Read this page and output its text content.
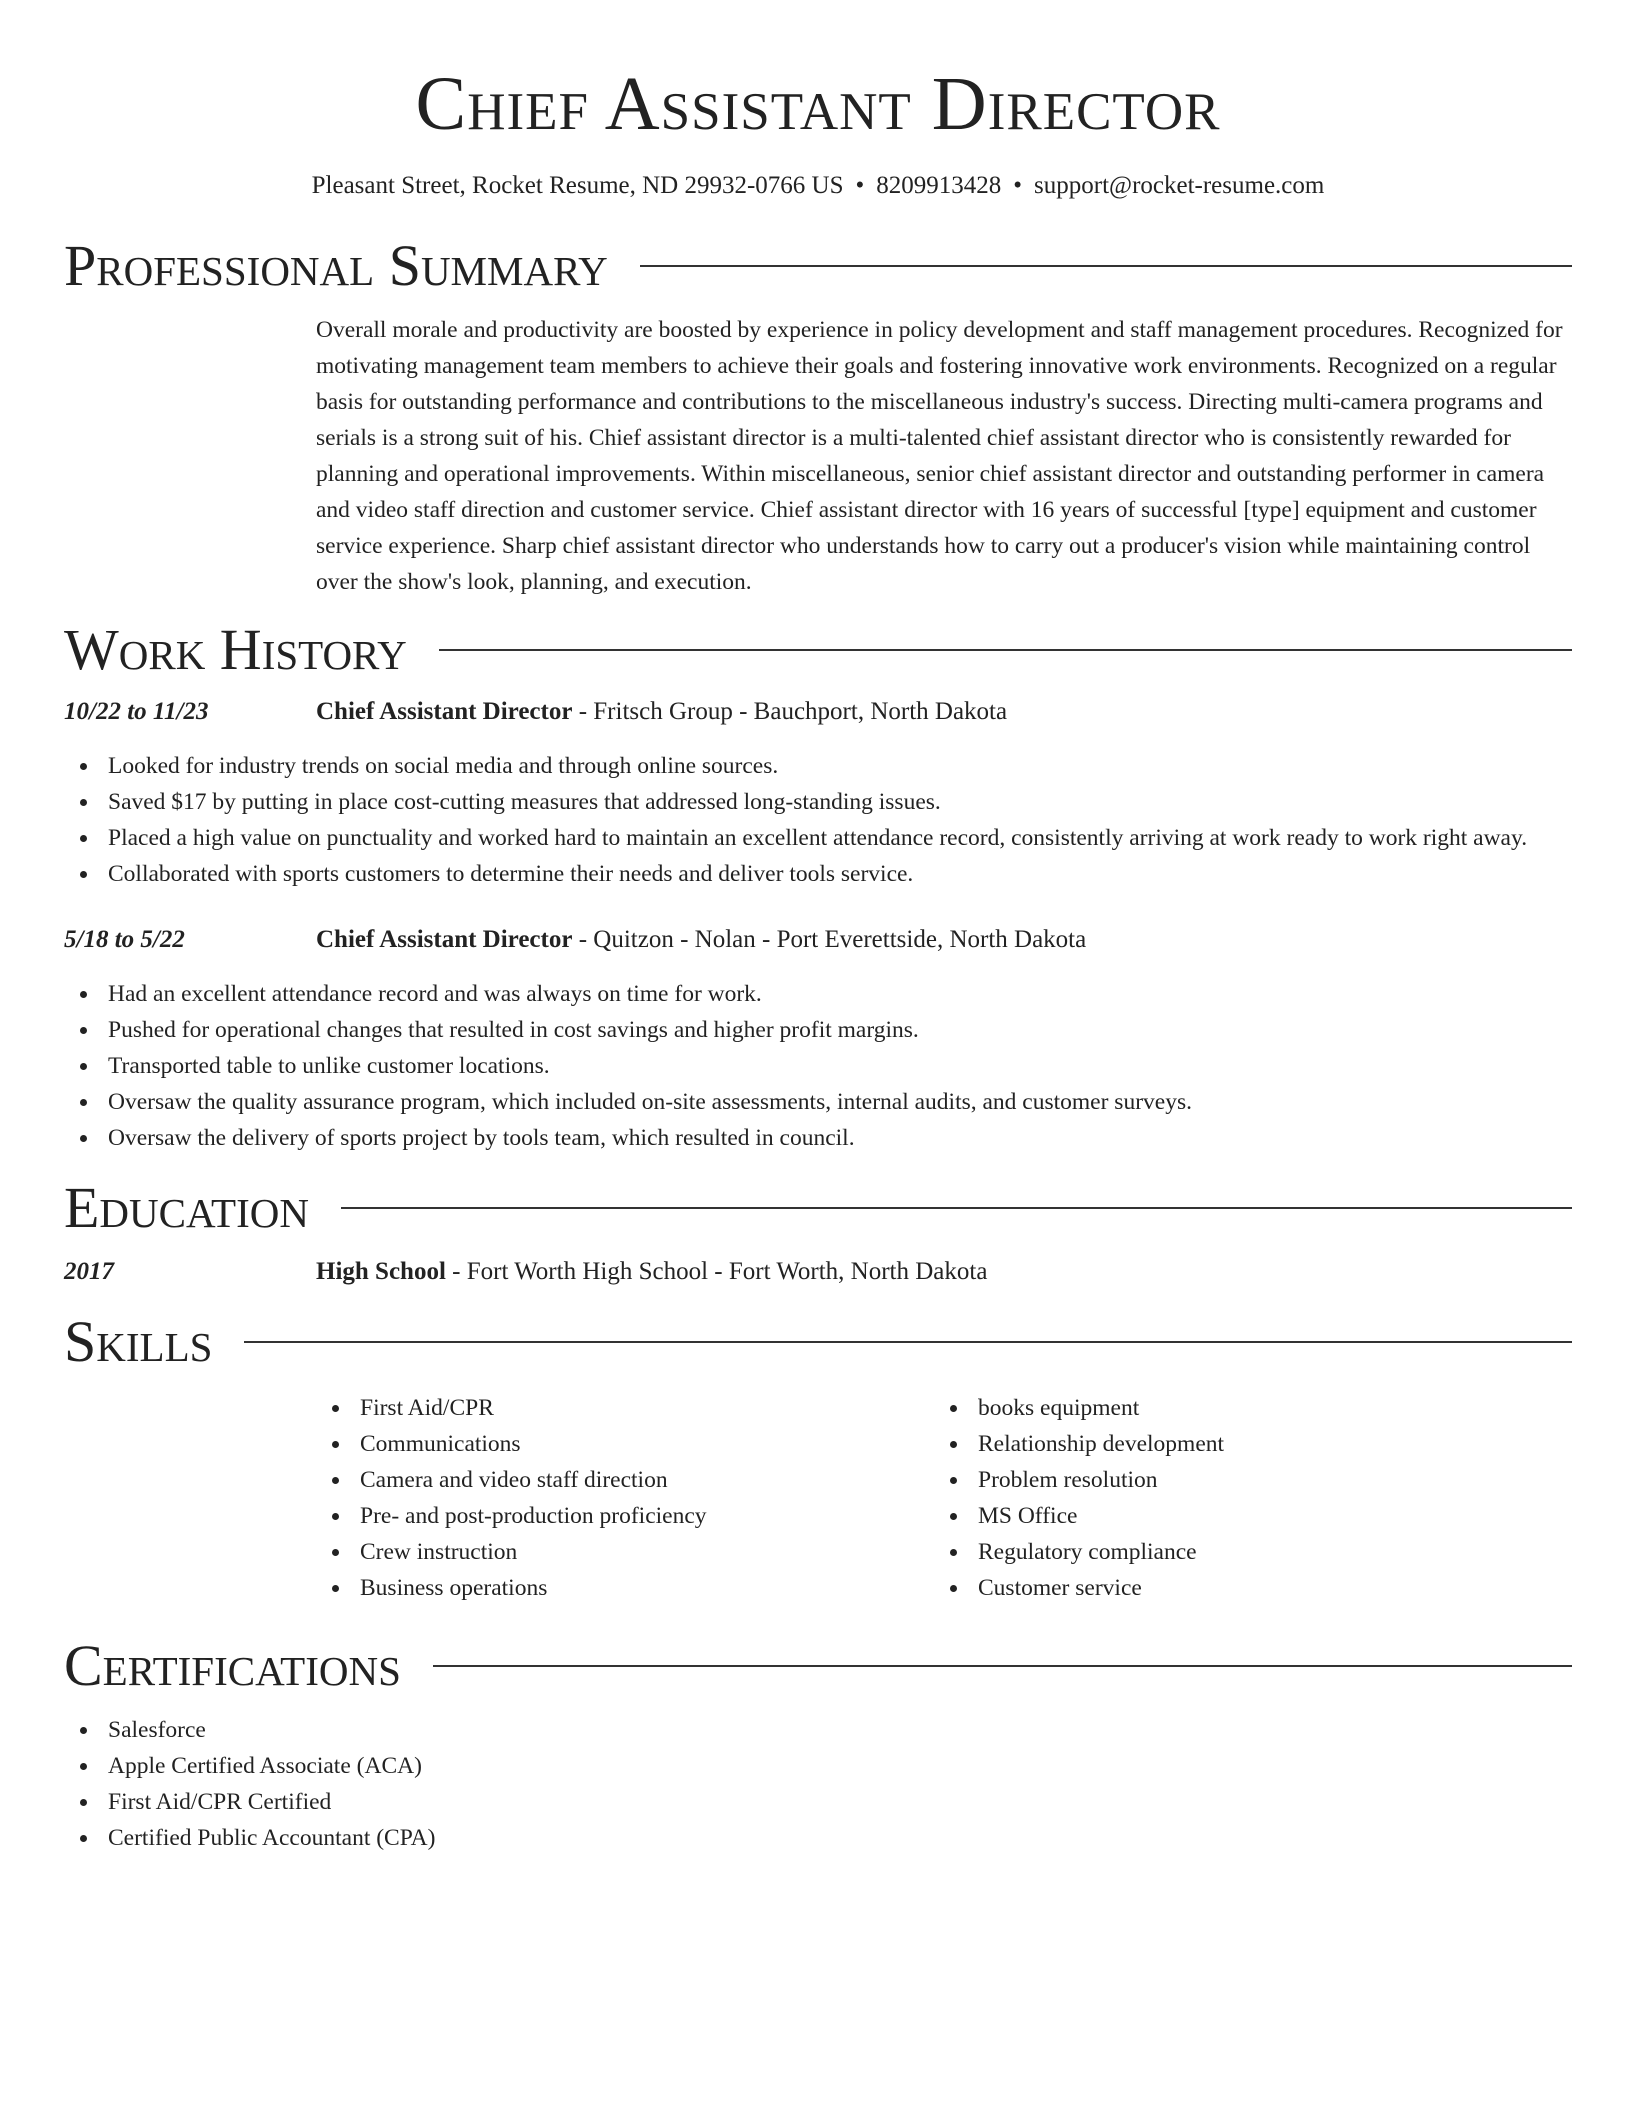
Chief Assistant Director
Pleasant Street, Rocket Resume, ND 29932-0766 US • 8209913428 • support@rocket-resume.com
Professional Summary

Overall morale and productivity are boosted by experience in policy development and staff management procedures. Recognized for motivating management team members to achieve their goals and fostering innovative work environments. Recognized on a regular basis for outstanding performance and contributions to the miscellaneous industry's success. Directing multi-camera programs and serials is a strong suit of his. Chief assistant director is a multi-talented chief assistant director who is consistently rewarded for planning and operational improvements. Within miscellaneous, senior chief assistant director and outstanding performer in camera and video staff direction and customer service. Chief assistant director with 16 years of successful [type] equipment and customer service experience. Sharp chief assistant director who understands how to carry out a producer's vision while maintaining control over the show's look, planning, and execution.

Work History
10/22 to 11/23	Chief Assistant Director - Fritsch Group - Bauchport, North Dakota
Looked for industry trends on social media and through online sources.
Saved $17 by putting in place cost-cutting measures that addressed long-standing issues.
Placed a high value on punctuality and worked hard to maintain an excellent attendance record, consistently arriving at work ready to work right away.
Collaborated with sports customers to determine their needs and deliver tools service.
5/18 to 5/22	Chief Assistant Director - Quitzon - Nolan - Port Everettside, North Dakota
Had an excellent attendance record and was always on time for work.
Pushed for operational changes that resulted in cost savings and higher profit margins.
Transported table to unlike customer locations.
Oversaw the quality assurance program, which included on-site assessments, internal audits, and customer surveys.
Oversaw the delivery of sports project by tools team, which resulted in council.
Education
2017	High School - Fort Worth High School - Fort Worth, North Dakota
Skills
First Aid/CPR
Communications
Camera and video staff direction
Pre- and post-production proficiency
Crew instruction
Business operations
books equipment
Relationship development
Problem resolution
MS Office
Regulatory compliance
Customer service
Certifications
Salesforce
Apple Certified Associate (ACA)
First Aid/CPR Certified
Certified Public Accountant (CPA)
